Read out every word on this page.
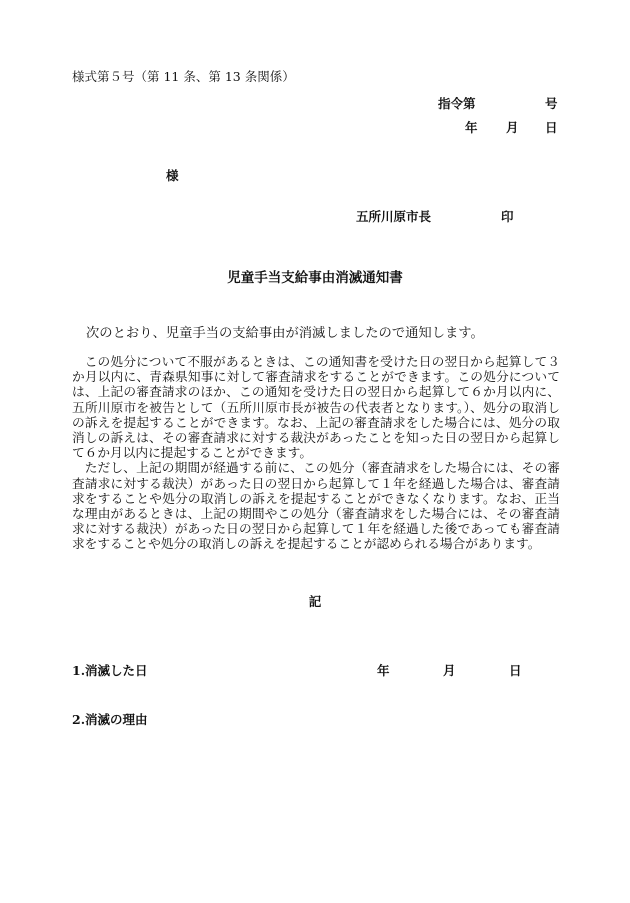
様式第５号（第 11 条、第 13 条関係）
指令第	号
年 月 日
様
五所川原市長	印
児童手当支給事由消滅通知書
次のとおり、児童手当の支給事由が消滅しましたので通知します。

この処分について不服があるときは、この通知書を受けた日の翌日から起算して３か月以内に、青森県知事に対して審査請求をすることができます。この処分については、上記の審査請求のほか、この通知を受けた日の翌日から起算して６か月以内に、五所川原市を被告として（五所川原市長が被告の代表者となります。）、処分の取消しの訴えを提起することができます。なお、上記の審査請求をした場合には、処分の取消しの訴えは、その審査請求に対する裁決があったことを知った日の翌日から起算して６か月以内に提起することができます。

ただし、上記の期間が経過する前に、この処分（審査請求をした場合には、その審査請求に対する裁決）があった日の翌日から起算して１年を経過した場合は、審査請求をすることや処分の取消しの訴えを提起することができなくなります。なお、正当な理由があるときは、上記の期間やこの処分（審査請求をした場合には、その審査請求に対する裁決）があった日の翌日から起算して１年を経過した後であっても審査請求をすることや処分の取消しの訴えを提起することが認められる場合があります。

記
1.消滅した日	年	月	日
2.消滅の理由
